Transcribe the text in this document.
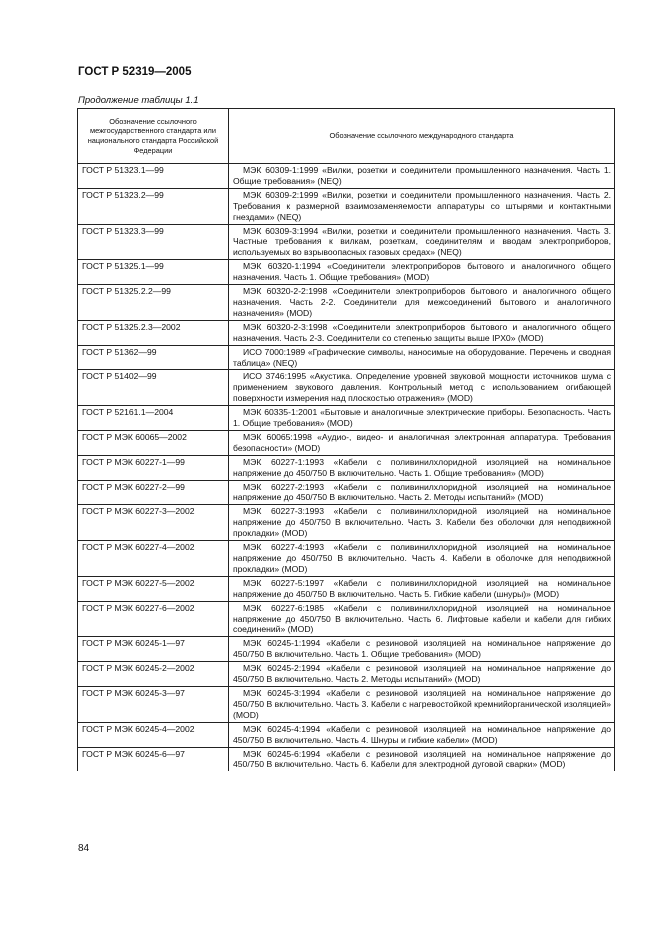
ГОСТ Р 52319—2005
Продолжение таблицы 1.1
Обозначение ссылочного межгосударственного стандарта или национального стандарта Российской Федерации	Обозначение ссылочного международного стандарта
ГОСТ Р 51323.1—99	МЭК 60309-1:1999 «Вилки, розетки и соединители промышленного назначения. Часть 1. Общие требования» (NEQ)
ГОСТ Р 51323.2—99	МЭК 60309-2:1999 «Вилки, розетки и соединители промышленного назначения. Часть 2. Требования к размерной взаимозаменяемости аппаратуры со штырями и контактными гнездами» (NEQ)
ГОСТ Р 51323.3—99	МЭК 60309-3:1994 «Вилки, розетки и соединители промышленного назначения. Часть 3. Частные требования к вилкам, розеткам, соединителям и вводам электроприборов, используемых во взрывоопасных газовых средах» (NEQ)
ГОСТ Р 51325.1—99	МЭК 60320-1:1994 «Соединители электроприборов бытового и аналогичного общего назначения. Часть 1. Общие требования» (MOD)
ГОСТ Р 51325.2.2—99	МЭК 60320-2-2:1998 «Соединители электроприборов бытового и аналогичного общего назначения. Часть 2-2. Соединители для межсоединений бытового и аналогичного назначения» (MOD)
ГОСТ Р 51325.2.3—2002	МЭК 60320-2-3:1998 «Соединители электроприборов бытового и аналогичного общего назначения. Часть 2-3. Соединители со степенью защиты выше IPX0» (MOD)
ГОСТ Р 51362—99	ИСО 7000:1989 «Графические символы, наносимые на оборудование. Перечень и сводная таблица» (NEQ)
ГОСТ Р 51402—99	ИСО 3746:1995 «Акустика. Определение уровней звуковой мощности источников шума с применением звукового давления. Контрольный метод с использованием огибающей поверхности измерения над плоскостью отражения» (MOD)
ГОСТ Р 52161.1—2004	МЭК 60335-1:2001 «Бытовые и аналогичные электрические приборы. Безопасность. Часть 1. Общие требования» (MOD)
ГОСТ Р МЭК 60065—2002	МЭК 60065:1998 «Аудио-, видео- и аналогичная электронная аппаратура. Требования безопасности» (MOD)
ГОСТ Р МЭК 60227-1—99	МЭК 60227-1:1993 «Кабели с поливинилхлоридной изоляцией на номинальное напряжение до 450/750 В включительно. Часть 1. Общие требования» (MOD)
ГОСТ Р МЭК 60227-2—99	МЭК 60227-2:1993 «Кабели с поливинилхлоридной изоляцией на номинальное напряжение до 450/750 В включительно. Часть 2. Методы испытаний» (MOD)
ГОСТ Р МЭК 60227-3—2002	МЭК 60227-3:1993 «Кабели с поливинилхлоридной изоляцией на номинальное напряжение до 450/750 В включительно. Часть 3. Кабели без оболочки для неподвижной прокладки» (MOD)
ГОСТ Р МЭК 60227-4—2002	МЭК 60227-4:1993 «Кабели с поливинилхлоридной изоляцией на номинальное напряжение до 450/750 В включительно. Часть 4. Кабели в оболочке для неподвижной прокладки» (MOD)
ГОСТ Р МЭК 60227-5—2002	МЭК 60227-5:1997 «Кабели с поливинилхлоридной изоляцией на номинальное напряжение до 450/750 В включительно. Часть 5. Гибкие кабели (шнуры)» (MOD)
ГОСТ Р МЭК 60227-6—2002	МЭК 60227-6:1985 «Кабели с поливинилхлоридной изоляцией на номинальное напряжение до 450/750 В включительно. Часть 6. Лифтовые кабели и кабели для гибких соединений» (MOD)
ГОСТ Р МЭК 60245-1—97	МЭК 60245-1:1994 «Кабели с резиновой изоляцией на номинальное напряжение до 450/750 В включительно. Часть 1. Общие требования» (MOD)
ГОСТ Р МЭК 60245-2—2002	МЭК 60245-2:1994 «Кабели с резиновой изоляцией на номинальное напряжение до 450/750 В включительно. Часть 2. Методы испытаний» (MOD)
ГОСТ Р МЭК 60245-3—97	МЭК 60245-3:1994 «Кабели с резиновой изоляцией на номинальное напряжение до 450/750 В включительно. Часть 3. Кабели с нагревостойкой кремнийорганической изоляцией» (MOD)
ГОСТ Р МЭК 60245-4—2002	МЭК 60245-4:1994 «Кабели с резиновой изоляцией на номинальное напряжение до 450/750 В включительно. Часть 4. Шнуры и гибкие кабели» (MOD)
ГОСТ Р МЭК 60245-6—97	МЭК 60245-6:1994 «Кабели с резиновой изоляцией на номинальное напряжение до 450/750 В включительно. Часть 6. Кабели для электродной дуговой сварки» (MOD)
84
